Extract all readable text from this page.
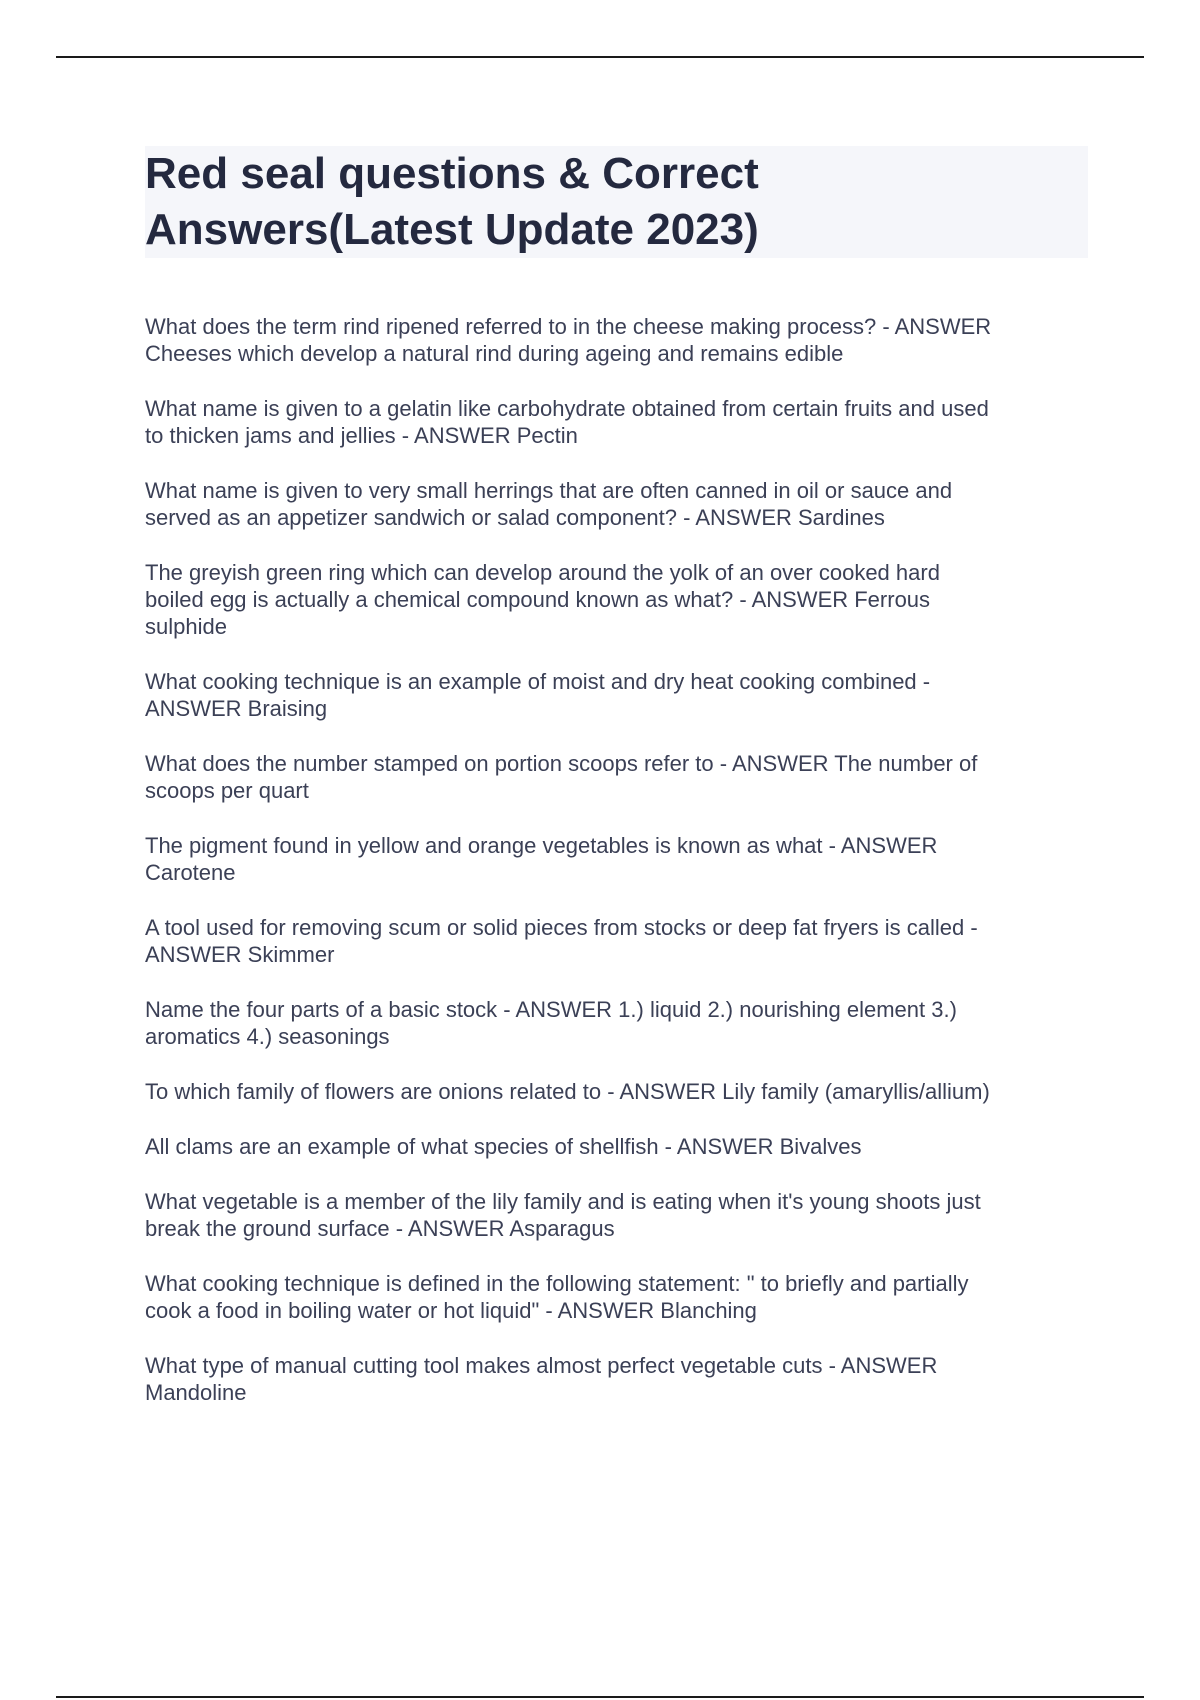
Red seal questions & Correct
Answers(Latest Update 2023)

What does the term rind ripened referred to in the cheese making process? - ANSWER
Cheeses which develop a natural rind during ageing and remains edible

What name is given to a gelatin like carbohydrate obtained from certain fruits and used
to thicken jams and jellies - ANSWER Pectin

What name is given to very small herrings that are often canned in oil or sauce and
served as an appetizer sandwich or salad component? - ANSWER Sardines

The greyish green ring which can develop around the yolk of an over cooked hard
boiled egg is actually a chemical compound known as what? - ANSWER Ferrous
sulphide

What cooking technique is an example of moist and dry heat cooking combined -
ANSWER Braising

What does the number stamped on portion scoops refer to - ANSWER The number of
scoops per quart

The pigment found in yellow and orange vegetables is known as what - ANSWER
Carotene

A tool used for removing scum or solid pieces from stocks or deep fat fryers is called -
ANSWER Skimmer

Name the four parts of a basic stock - ANSWER 1.) liquid 2.) nourishing element 3.)
aromatics 4.) seasonings

To which family of flowers are onions related to - ANSWER Lily family (amaryllis/allium)

All clams are an example of what species of shellfish - ANSWER Bivalves

What vegetable is a member of the lily family and is eating when it's young shoots just
break the ground surface - ANSWER Asparagus

What cooking technique is defined in the following statement: " to briefly and partially
cook a food in boiling water or hot liquid" - ANSWER Blanching

What type of manual cutting tool makes almost perfect vegetable cuts - ANSWER
Mandoline
